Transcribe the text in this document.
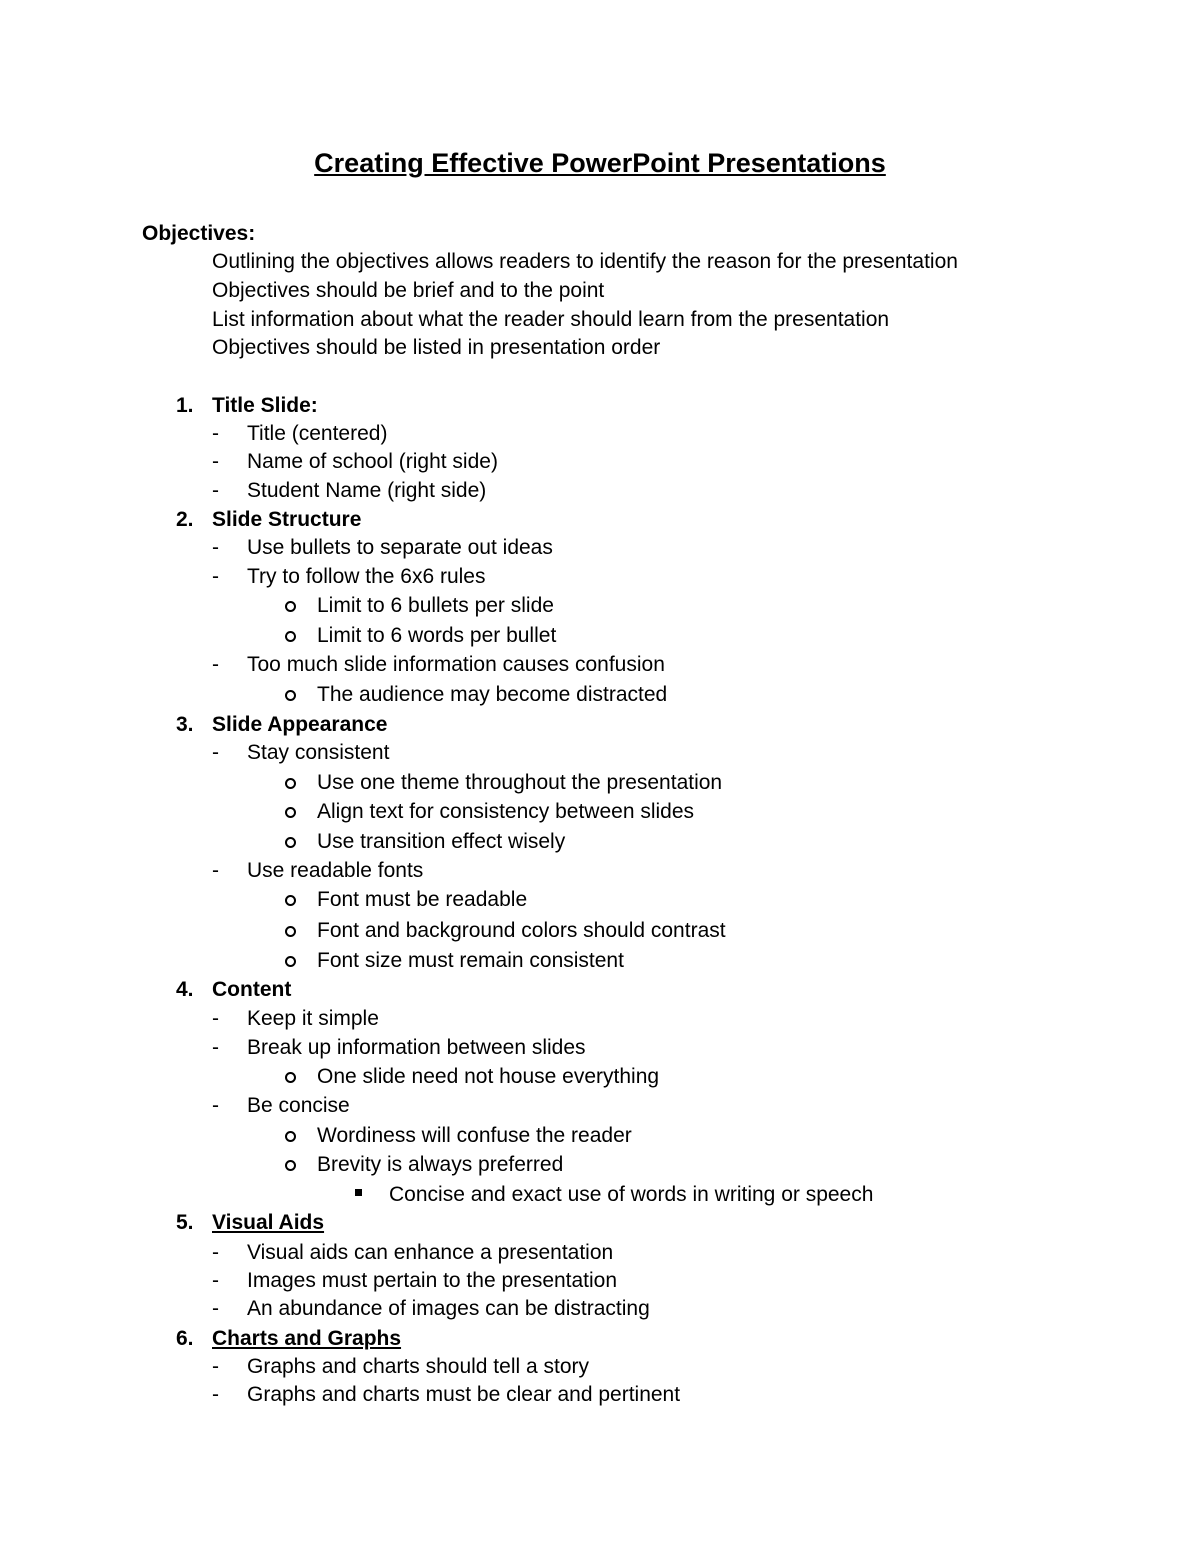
Creating Effective PowerPoint Presentations
Objectives:
Outlining the objectives allows readers to identify the reason for the presentation
Objectives should be brief and to the point
List information about what the reader should learn from the presentation
Objectives should be listed in presentation order
1. Title Slide:
- Title (centered)
- Name of school (right side)
- Student Name (right side)
2. Slide Structure
- Use bullets to separate out ideas
- Try to follow the 6x6 rules
Limit to 6 bullets per slide
Limit to 6 words per bullet
- Too much slide information causes confusion
The audience may become distracted
3. Slide Appearance
- Stay consistent
Use one theme throughout the presentation
Align text for consistency between slides
Use transition effect wisely
- Use readable fonts
Font must be readable
Font and background colors should contrast
Font size must remain consistent
4. Content
- Keep it simple
- Break up information between slides
One slide need not house everything
- Be concise
Wordiness will confuse the reader
Brevity is always preferred
Concise and exact use of words in writing or speech
5. Visual Aids
- Visual aids can enhance a presentation
- Images must pertain to the presentation
- An abundance of images can be distracting
6. Charts and Graphs
- Graphs and charts should tell a story
- Graphs and charts must be clear and pertinent
